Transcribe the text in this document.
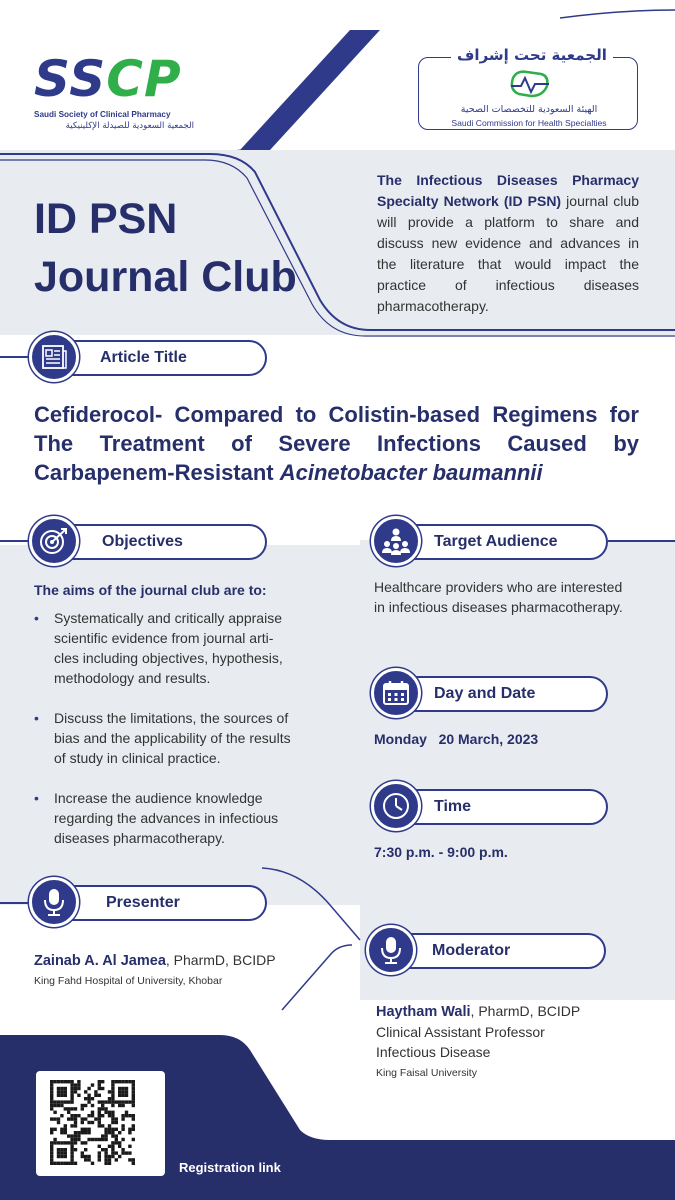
SSCP
Saudi Society of Clinical Pharmacy
الجمعية السعودية للصيدلة الإكلينيكية
الجمعية تحت إشراف
الهيئة السعودية للتخصصات الصحية
Saudi Commission for Health Specialties
ID PSN
Journal Club
The Infectious Diseases Pharmacy Specialty Network (ID PSN) journal club will provide a platform to share and discuss new evidence and advances in the literature that would impact the practice of infectious diseases pharmacotherapy.
Article Title
Cefiderocol- Compared to Colistin-based Regimens for The Treatment of Severe Infections Caused by Carbapenem-Resistant Acinetobacter baumannii
Objectives
The aims of the journal club are to:
• Systematically and critically appraise scientific evidence from journal arti-cles including objectives, hypothesis, methodology and results.
• Discuss the limitations, the sources of bias and the applicability of the results of study in clinical practice.
• Increase the audience knowledge regarding the advances in infectious diseases pharmacotherapy.
Target Audience
Healthcare providers who are interested in infectious diseases pharmacotherapy.
Day and Date
Monday 20 March, 2023
Time
7:30 p.m. - 9:00 p.m.
Presenter
Zainab A. Al Jamea, PharmD, BCIDP
King Fahd Hospital of University, Khobar
Moderator
Haytham Wali, PharmD, BCIDP
Clinical Assistant Professor
Infectious Disease
King Faisal University
Registration link
